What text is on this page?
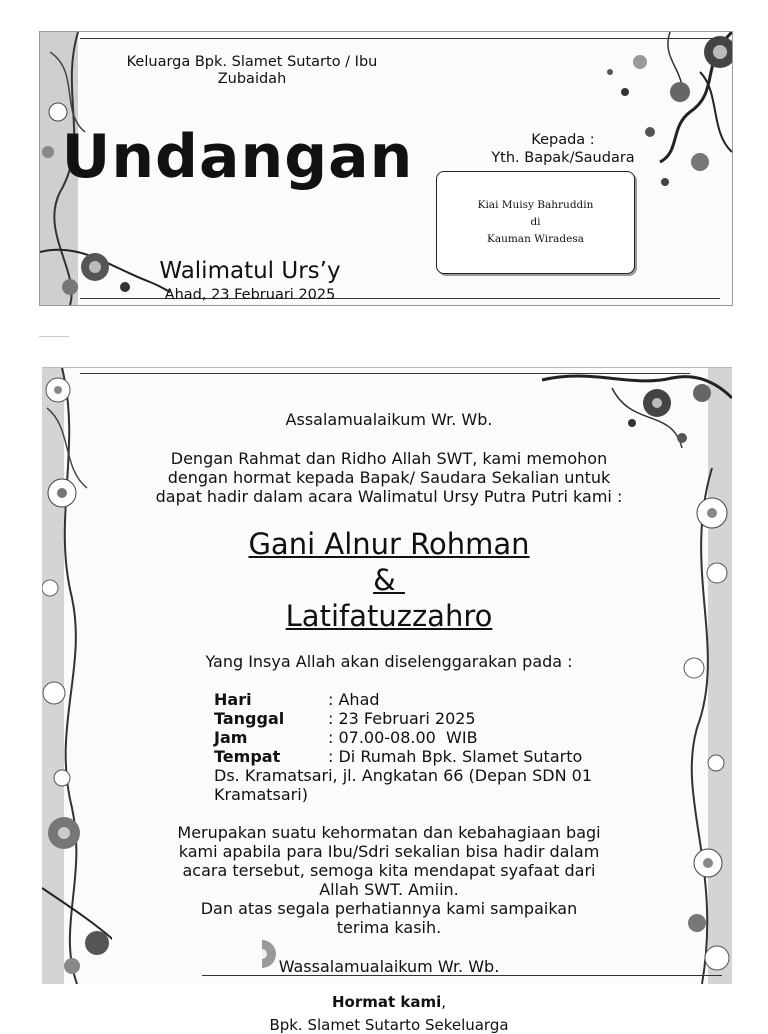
Keluarga Bpk. Slamet Sutarto / Ibu Zubaidah
Undangan
Walimatul Urs’y
Ahad, 23 Februari 2025
Kepada :
Yth. Bapak/Saudara
Kiai Muisy Bahruddin
di
Kauman Wiradesa
Assalamualaikum Wr. Wb.
Dengan Rahmat dan Ridho Allah SWT, kami memohon
dengan hormat kepada Bapak/ Saudara Sekalian untuk
dapat hadir dalam acara Walimatul Ursy Putra Putri kami :
Gani Alnur Rohman
&
Latifatuzzahro
Yang Insya Allah akan diselenggarakan pada :
Hari	: Ahad
Tanggal	: 23 Februari 2025
Jam	: 07.00-08.00  WIB
Tempat	: Di Rumah Bpk. Slamet Sutarto
Ds. Kramatsari, jl. Angkatan 66 (Depan SDN 01 Kramatsari)
Merupakan suatu kehormatan dan kebahagiaan bagi
kami apabila para Ibu/Sdri sekalian bisa hadir dalam
acara tersebut, semoga kita mendapat syafaat dari
Allah SWT. Amiin.
Dan atas segala perhatiannya kami sampaikan
terima kasih.
Wassalamualaikum Wr. Wb.
Hormat kami,
Bpk. Slamet Sutarto Sekeluarga
